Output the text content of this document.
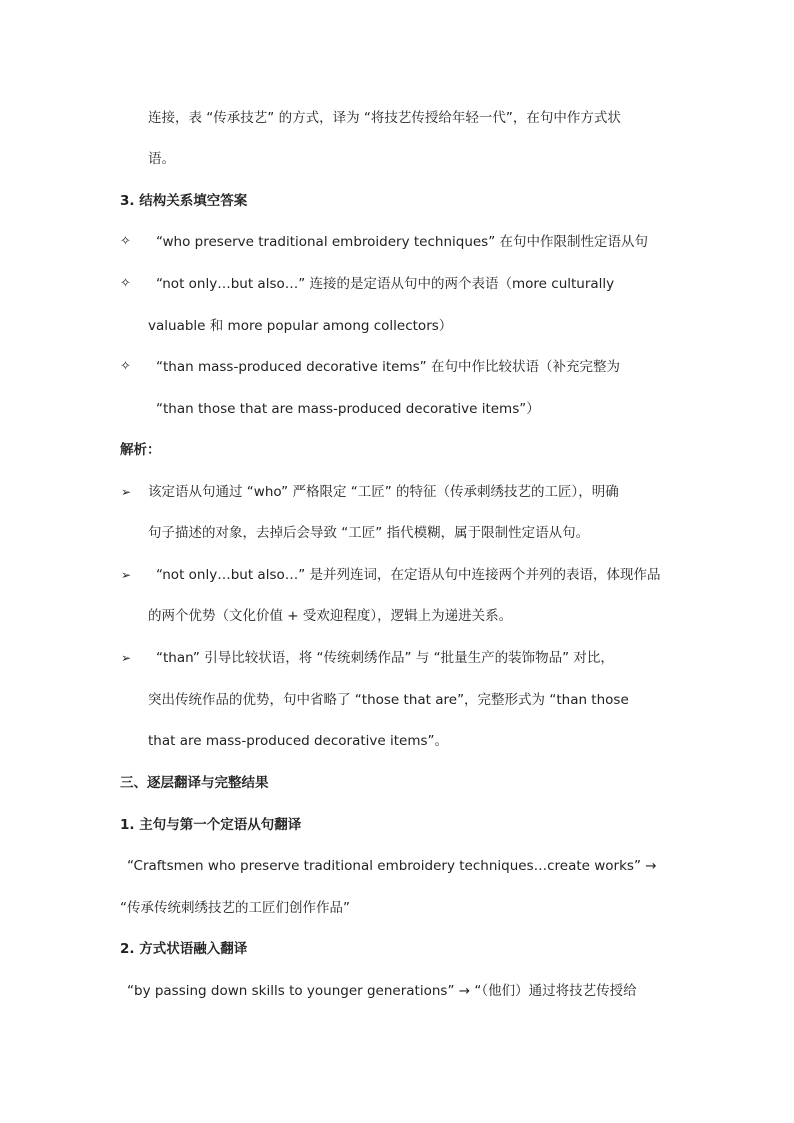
连接，表 “传承技艺” 的方式，译为 “将技艺传授给年轻一代”，在句中作方式状
语。
3. 结构关系填空答案
✧ “who preserve traditional embroidery techniques” 在句中作限制性定语从句
✧ “not only…but also…” 连接的是定语从句中的两个表语（more culturally
valuable 和 more popular among collectors）
✧ “than mass-produced decorative items” 在句中作比较状语（补充完整为
“than those that are mass-produced decorative items”）
解析：
➢ 该定语从句通过 “who” 严格限定 “工匠” 的特征（传承刺绣技艺的工匠），明确
句子描述的对象，去掉后会导致 “工匠” 指代模糊，属于限制性定语从句。
➢ “not only…but also…” 是并列连词，在定语从句中连接两个并列的表语，体现作品
的两个优势（文化价值 + 受欢迎程度），逻辑上为递进关系。
➢ “than” 引导比较状语，将 “传统刺绣作品” 与 “批量生产的装饰物品” 对比，
突出传统作品的优势，句中省略了 “those that are”，完整形式为 “than those
that are mass-produced decorative items”。
三、逐层翻译与完整结果
1. 主句与第一个定语从句翻译
“Craftsmen who preserve traditional embroidery techniques…create works” →
“传承传统刺绣技艺的工匠们创作作品”
2. 方式状语融入翻译
“by passing down skills to younger generations” → “（他们）通过将技艺传授给
